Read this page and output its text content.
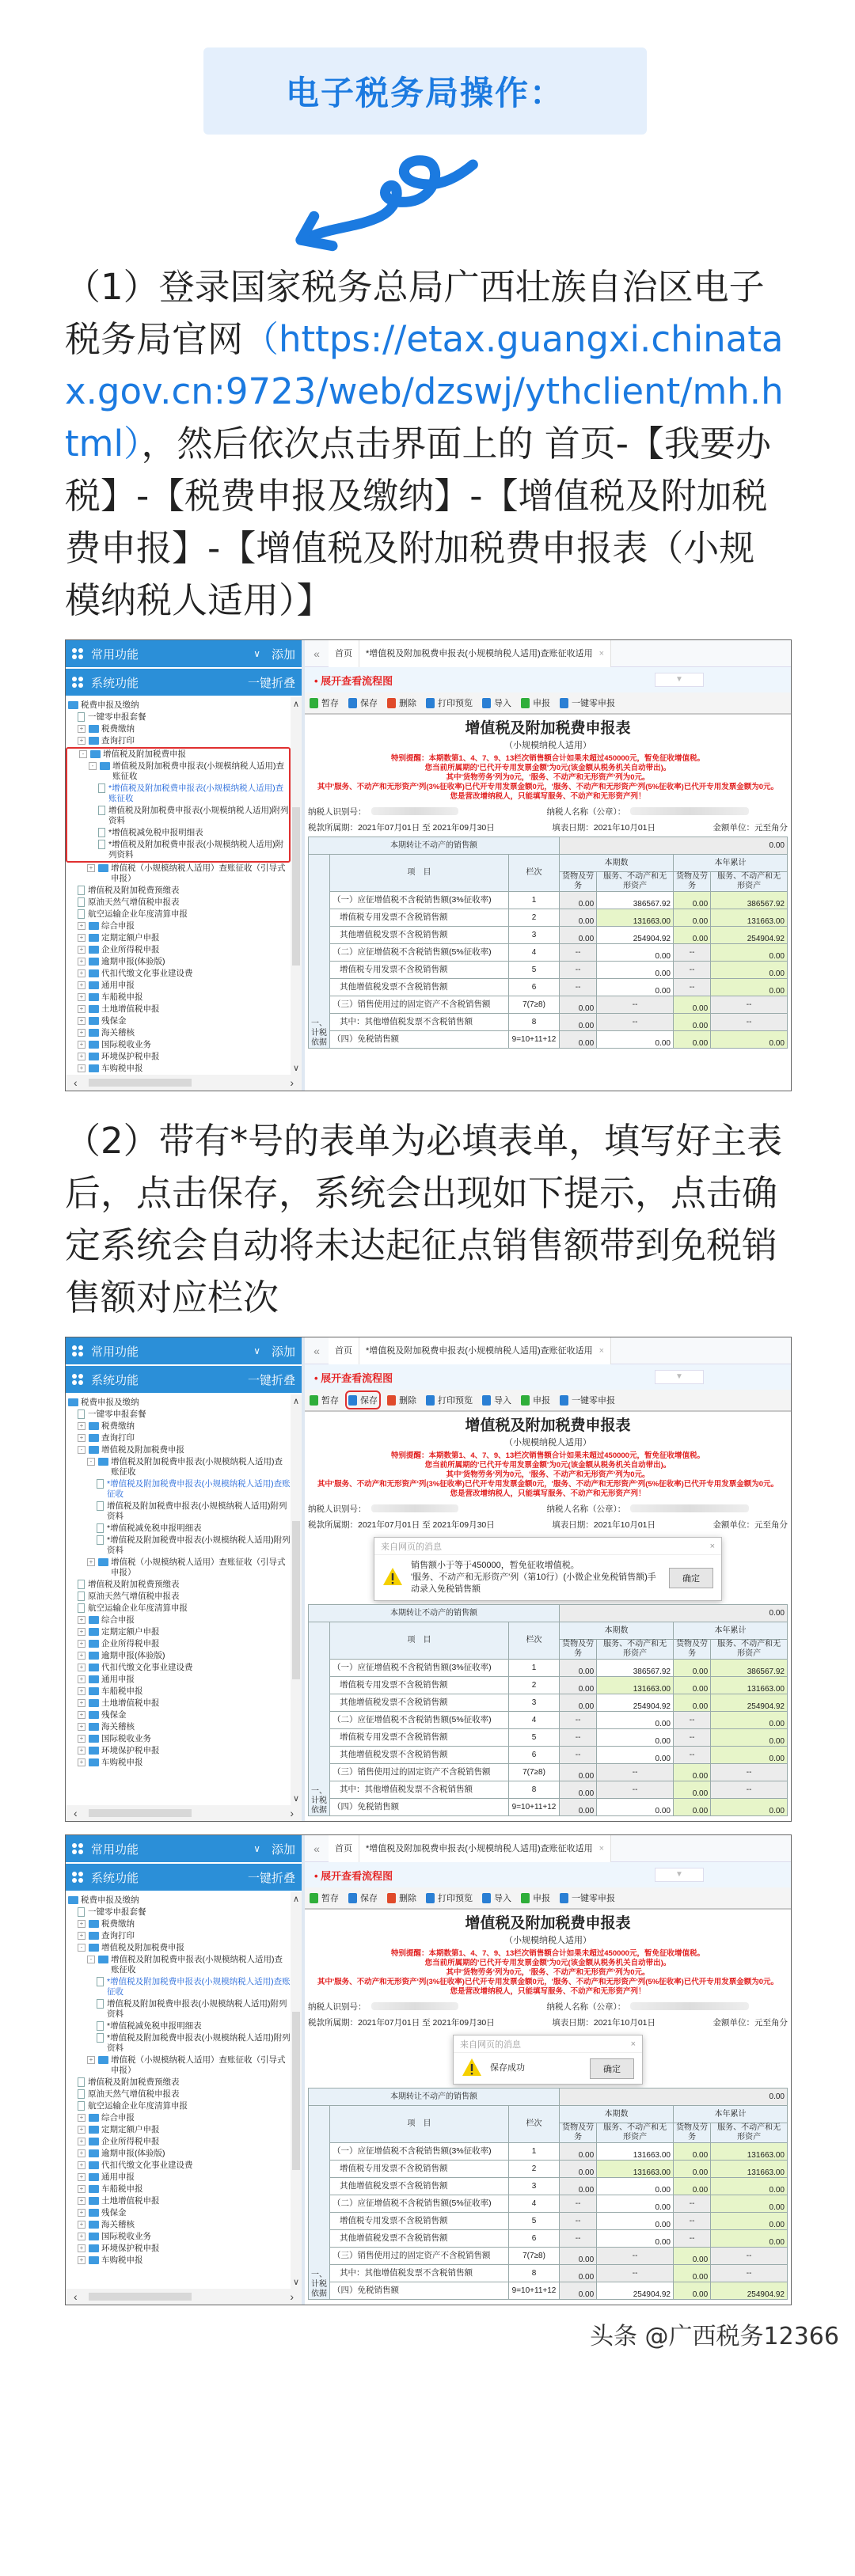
电子税务局操作：
（1）登录国家税务总局广西壮族自治区电子税务局官网（https://etax.guangxi.chinatax.gov.cn:9723/web/dzswj/ythclient/mh.html），然后依次点击界面上的 首页-【我要办税】-【税费申报及缴纳】-【增值税及附加税费申报】-【增值税及附加税费申报表（小规模纳税人适用）】
常用功能	∨ 添加
系统功能	一键折叠
税费申报及缴纳
一键零申报套餐
+ 税费缴纳
+ 查询打印
-	增值税及附加税费申报
-	增值税及附加税费申报表(小规模纳税人适用)查账征收
*增值税及附加税费申报表(小规模纳税人适用)查账征收
增值税及附加税费申报表(小规模纳税人适用)附列资料
*增值税减免税申报明细表
*增值税及附加税费申报表(小规模纳税人适用)附列资料
+ 增值税（小规模纳税人适用）查账征收（引导式申报）
增值税及附加税费预缴表
原油天然气增值税申报表
航空运输企业年度清算申报
+ 综合申报
+ 定期定额户申报
+ 企业所得税申报
+ 逾期申报(体验版)
+ 代扣代缴文化事业建设费
+ 通用申报
+ 车船税申报
+ 土地增值税申报
+ 残保金
+ 海关稽核
+ 国际税收业务
+ 环境保护税申报
+ 车购税申报
∧
∨
‹	›
«	首页	*增值税及附加税费申报表(小规模纳税人适用)查账征收适用 ×
• 展开查看流程图	▼
暂存 保存 删除 打印预览 导入 申报 一键零申报
增值税及附加税费申报表
（小规模纳税人适用）
特别提醒：本期数第1、4、7、9、13栏次销售额合计如果未超过450000元，暂免征收增值税。
您当前所属期的'已代开专用发票金额'为0元(该金额从税务机关自动带出)。
其中'货物劳务'列为0元，'服务、不动产和无形资产'列为0元。
其中'服务、不动产和无形资产'列(3%征收率)已代开专用发票金额0元，'服务、不动产和无形资产'列(5%征收率)已代开专用发票金额为0元。
您是营改增纳税人，只能填写服务、不动产和无形资产列！
纳税人识别号：	纳税人名称（公章）：
税款所属期：2021年07月01日 至 2021年09月30日	填表日期：2021年10月01日	金额单位：元至角分
本期转让不动产的销售额			0.00			
一、计税依据	项　目	栏次	本期数		本年累计	
			货物及劳务	服务、不动产和无形资产	货物及劳务	服务、不动产和无形资产
	（一）应征增值税不含税销售额(3%征收率)	1	0.00	386567.92	0.00	386567.92
	增值税专用发票不含税销售额	2	0.00	131663.00	0.00	131663.00
	其他增值税发票不含税销售额	3	0.00	254904.92	0.00	254904.92
	（二）应征增值税不含税销售额(5%征收率)	4	--	0.00	--	0.00
	增值税专用发票不含税销售额	5	--	0.00	--	0.00
	其他增值税发票不含税销售额	6	--	0.00	--	0.00
	（三）销售使用过的固定资产不含税销售额	7(7≥8)	0.00	--	0.00	--
	其中：其他增值税发票不含税销售额	8	0.00	--	0.00	--
	（四）免税销售额	9=10+11+12	0.00	0.00	0.00	0.00
（2）带有*号的表单为必填表单，填写好主表后，点击保存，系统会出现如下提示，点击确定系统会自动将未达起征点销售额带到免税销售额对应栏次
常用功能	∨ 添加
系统功能	一键折叠
税费申报及缴纳
一键零申报套餐
+ 税费缴纳
+ 查询打印
-	增值税及附加税费申报
-	增值税及附加税费申报表(小规模纳税人适用)查账征收
*增值税及附加税费申报表(小规模纳税人适用)查账征收
增值税及附加税费申报表(小规模纳税人适用)附列资料
*增值税减免税申报明细表
*增值税及附加税费申报表(小规模纳税人适用)附列资料
+ 增值税（小规模纳税人适用）查账征收（引导式申报）
增值税及附加税费预缴表
原油天然气增值税申报表
航空运输企业年度清算申报
+ 综合申报
+ 定期定额户申报
+ 企业所得税申报
+ 逾期申报(体验版)
+ 代扣代缴文化事业建设费
+ 通用申报
+ 车船税申报
+ 土地增值税申报
+ 残保金
+ 海关稽核
+ 国际税收业务
+ 环境保护税申报
+ 车购税申报
∧
∨
‹	›
«	首页	*增值税及附加税费申报表(小规模纳税人适用)查账征收适用 ×
• 展开查看流程图	▼
暂存 保存 删除 打印预览 导入 申报 一键零申报
增值税及附加税费申报表
（小规模纳税人适用）
特别提醒：本期数第1、4、7、9、13栏次销售额合计如果未超过450000元，暂免征收增值税。
您当前所属期的'已代开专用发票金额'为0元(该金额从税务机关自动带出)。
其中'货物劳务'列为0元，'服务、不动产和无形资产'列为0元。
其中'服务、不动产和无形资产'列(3%征收率)已代开专用发票金额0元，'服务、不动产和无形资产'列(5%征收率)已代开专用发票金额为0元。
您是营改增纳税人，只能填写服务、不动产和无形资产列！
纳税人识别号：	纳税人名称（公章）：
税款所属期：2021年07月01日 至 2021年09月30日	填表日期：2021年10月01日	金额单位：元至角分
来自网页的消息	×
销售额小于等于450000，暂免征收增值税。
'服务、不动产和无形资产'列（第10行）(小微企业免税销售额)手动录入免税销售额
确定
本期转让不动产的销售额			0.00			
一、计税依据	项　目	栏次	本期数		本年累计	
			货物及劳务	服务、不动产和无形资产	货物及劳务	服务、不动产和无形资产
	（一）应征增值税不含税销售额(3%征收率)	1	0.00	386567.92	0.00	386567.92
	增值税专用发票不含税销售额	2	0.00	131663.00	0.00	131663.00
	其他增值税发票不含税销售额	3	0.00	254904.92	0.00	254904.92
	（二）应征增值税不含税销售额(5%征收率)	4	--	0.00	--	0.00
	增值税专用发票不含税销售额	5	--	0.00	--	0.00
	其他增值税发票不含税销售额	6	--	0.00	--	0.00
	（三）销售使用过的固定资产不含税销售额	7(7≥8)	0.00	--	0.00	--
	其中：其他增值税发票不含税销售额	8	0.00	--	0.00	--
	（四）免税销售额	9=10+11+12	0.00	0.00	0.00	0.00
常用功能	∨ 添加
系统功能	一键折叠
税费申报及缴纳
一键零申报套餐
+ 税费缴纳
+ 查询打印
-	增值税及附加税费申报
-	增值税及附加税费申报表(小规模纳税人适用)查账征收
*增值税及附加税费申报表(小规模纳税人适用)查账征收
增值税及附加税费申报表(小规模纳税人适用)附列资料
*增值税减免税申报明细表
*增值税及附加税费申报表(小规模纳税人适用)附列资料
+ 增值税（小规模纳税人适用）查账征收（引导式申报）
增值税及附加税费预缴表
原油天然气增值税申报表
航空运输企业年度清算申报
+ 综合申报
+ 定期定额户申报
+ 企业所得税申报
+ 逾期申报(体验版)
+ 代扣代缴文化事业建设费
+ 通用申报
+ 车船税申报
+ 土地增值税申报
+ 残保金
+ 海关稽核
+ 国际税收业务
+ 环境保护税申报
+ 车购税申报
∧
∨
‹	›
«	首页	*增值税及附加税费申报表(小规模纳税人适用)查账征收适用 ×
• 展开查看流程图	▼
暂存 保存 删除 打印预览 导入 申报 一键零申报
增值税及附加税费申报表
（小规模纳税人适用）
特别提醒：本期数第1、4、7、9、13栏次销售额合计如果未超过450000元，暂免征收增值税。
您当前所属期的'已代开专用发票金额'为0元(该金额从税务机关自动带出)。
其中'货物劳务'列为0元，'服务、不动产和无形资产'列为0元。
其中'服务、不动产和无形资产'列(3%征收率)已代开专用发票金额0元，'服务、不动产和无形资产'列(5%征收率)已代开专用发票金额为0元。
您是营改增纳税人，只能填写服务、不动产和无形资产列！
纳税人识别号：	纳税人名称（公章）：
税款所属期：2021年07月01日 至 2021年09月30日	填表日期：2021年10月01日	金额单位：元至角分
来自网页的消息	×
保存成功	确定
本期转让不动产的销售额			0.00			
一、计税依据	项　目	栏次	本期数		本年累计	
			货物及劳务	服务、不动产和无形资产	货物及劳务	服务、不动产和无形资产
	（一）应征增值税不含税销售额(3%征收率)	1	0.00	131663.00	0.00	131663.00
	增值税专用发票不含税销售额	2	0.00	131663.00	0.00	131663.00
	其他增值税发票不含税销售额	3	0.00	0.00	0.00	0.00
	（二）应征增值税不含税销售额(5%征收率)	4	--	0.00	--	0.00
	增值税专用发票不含税销售额	5	--	0.00	--	0.00
	其他增值税发票不含税销售额	6	--	0.00	--	0.00
	（三）销售使用过的固定资产不含税销售额	7(7≥8)	0.00	--	0.00	--
	其中：其他增值税发票不含税销售额	8	0.00	--	0.00	--
	（四）免税销售额	9=10+11+12	0.00	254904.92	0.00	254904.92
头条 @广西税务12366
